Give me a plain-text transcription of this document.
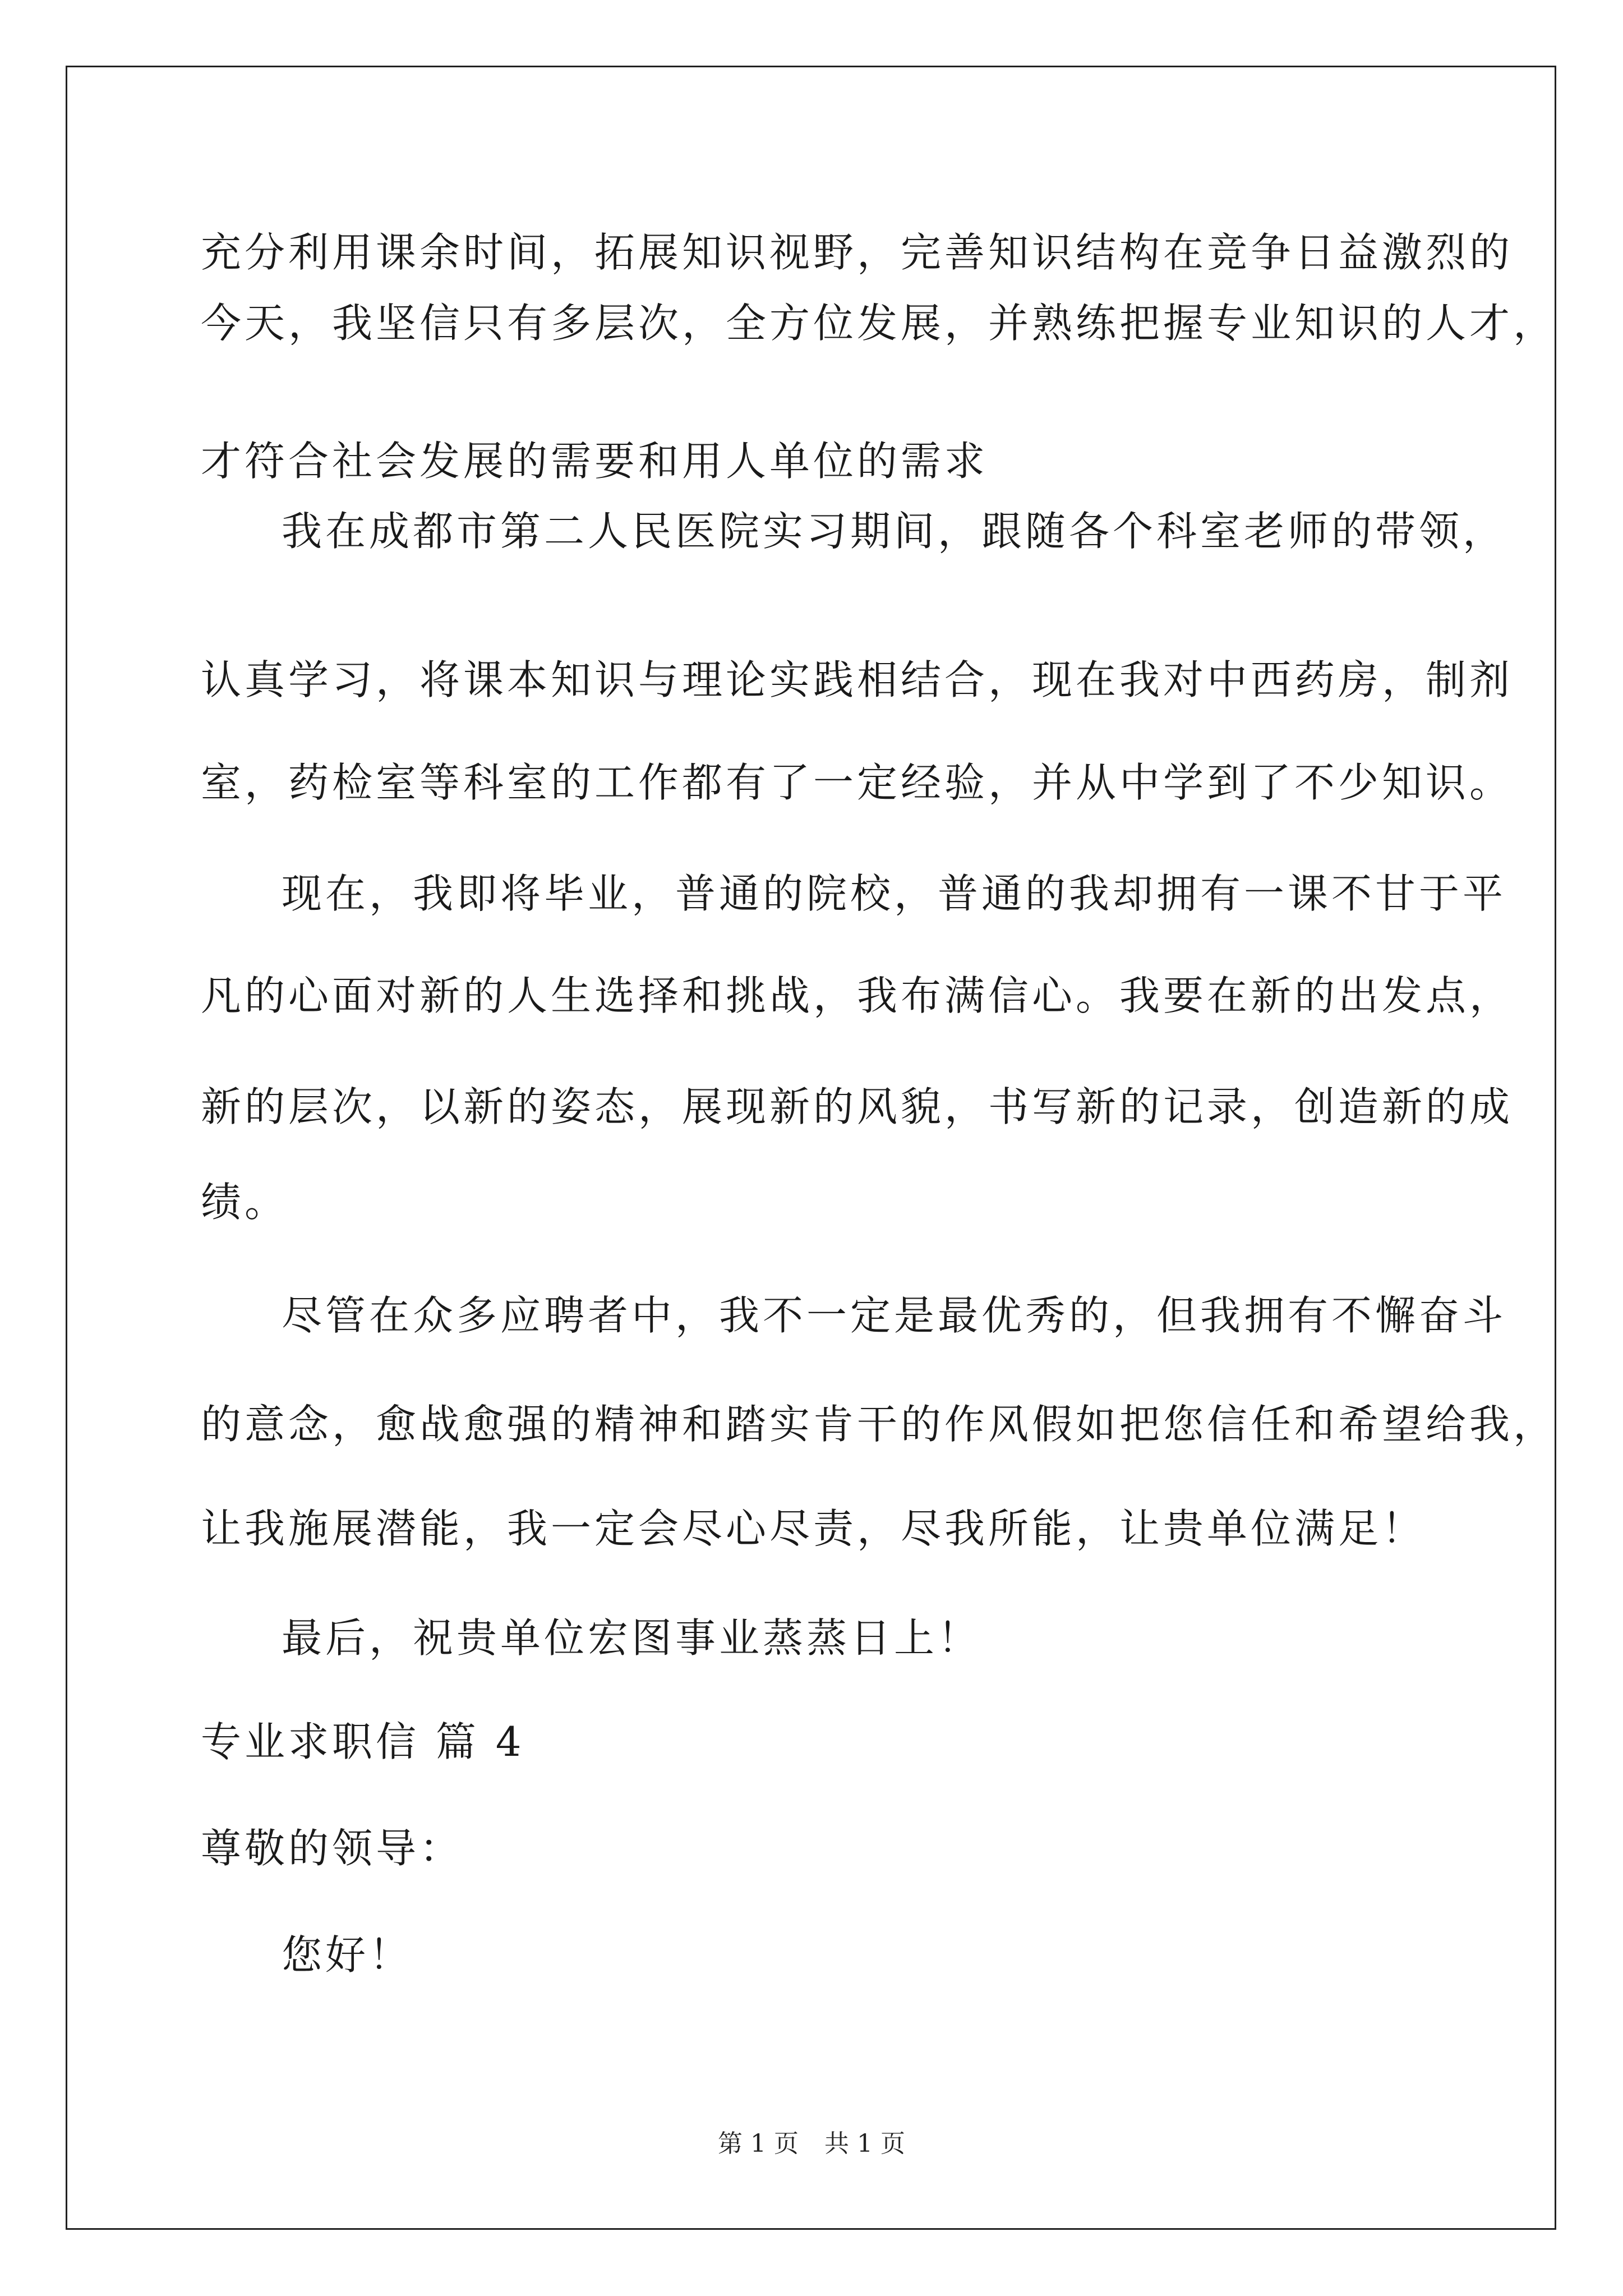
充分利用课余时间，拓展知识视野，完善知识结构在竞争日益激烈的
今天，我坚信只有多层次，全方位发展，并熟练把握专业知识的人才，
才符合社会发展的需要和用人单位的需求
我在成都市第二人民医院实习期间，跟随各个科室老师的带领，
认真学习，将课本知识与理论实践相结合，现在我对中西药房，制剂
室，药检室等科室的工作都有了一定经验，并从中学到了不少知识。
现在，我即将毕业，普通的院校，普通的我却拥有一课不甘于平
凡的心面对新的人生选择和挑战，我布满信心。我要在新的出发点，
新的层次，以新的姿态，展现新的风貌，书写新的记录，创造新的成
绩。
尽管在众多应聘者中，我不一定是最优秀的，但我拥有不懈奋斗
的意念，愈战愈强的精神和踏实肯干的作风假如把您信任和希望给我，
让我施展潜能，我一定会尽心尽责，尽我所能，让贵单位满足！
最后，祝贵单位宏图事业蒸蒸日上！
专业求职信 篇 4
尊敬的领导：
您好！
第 1 页 共 1 页
